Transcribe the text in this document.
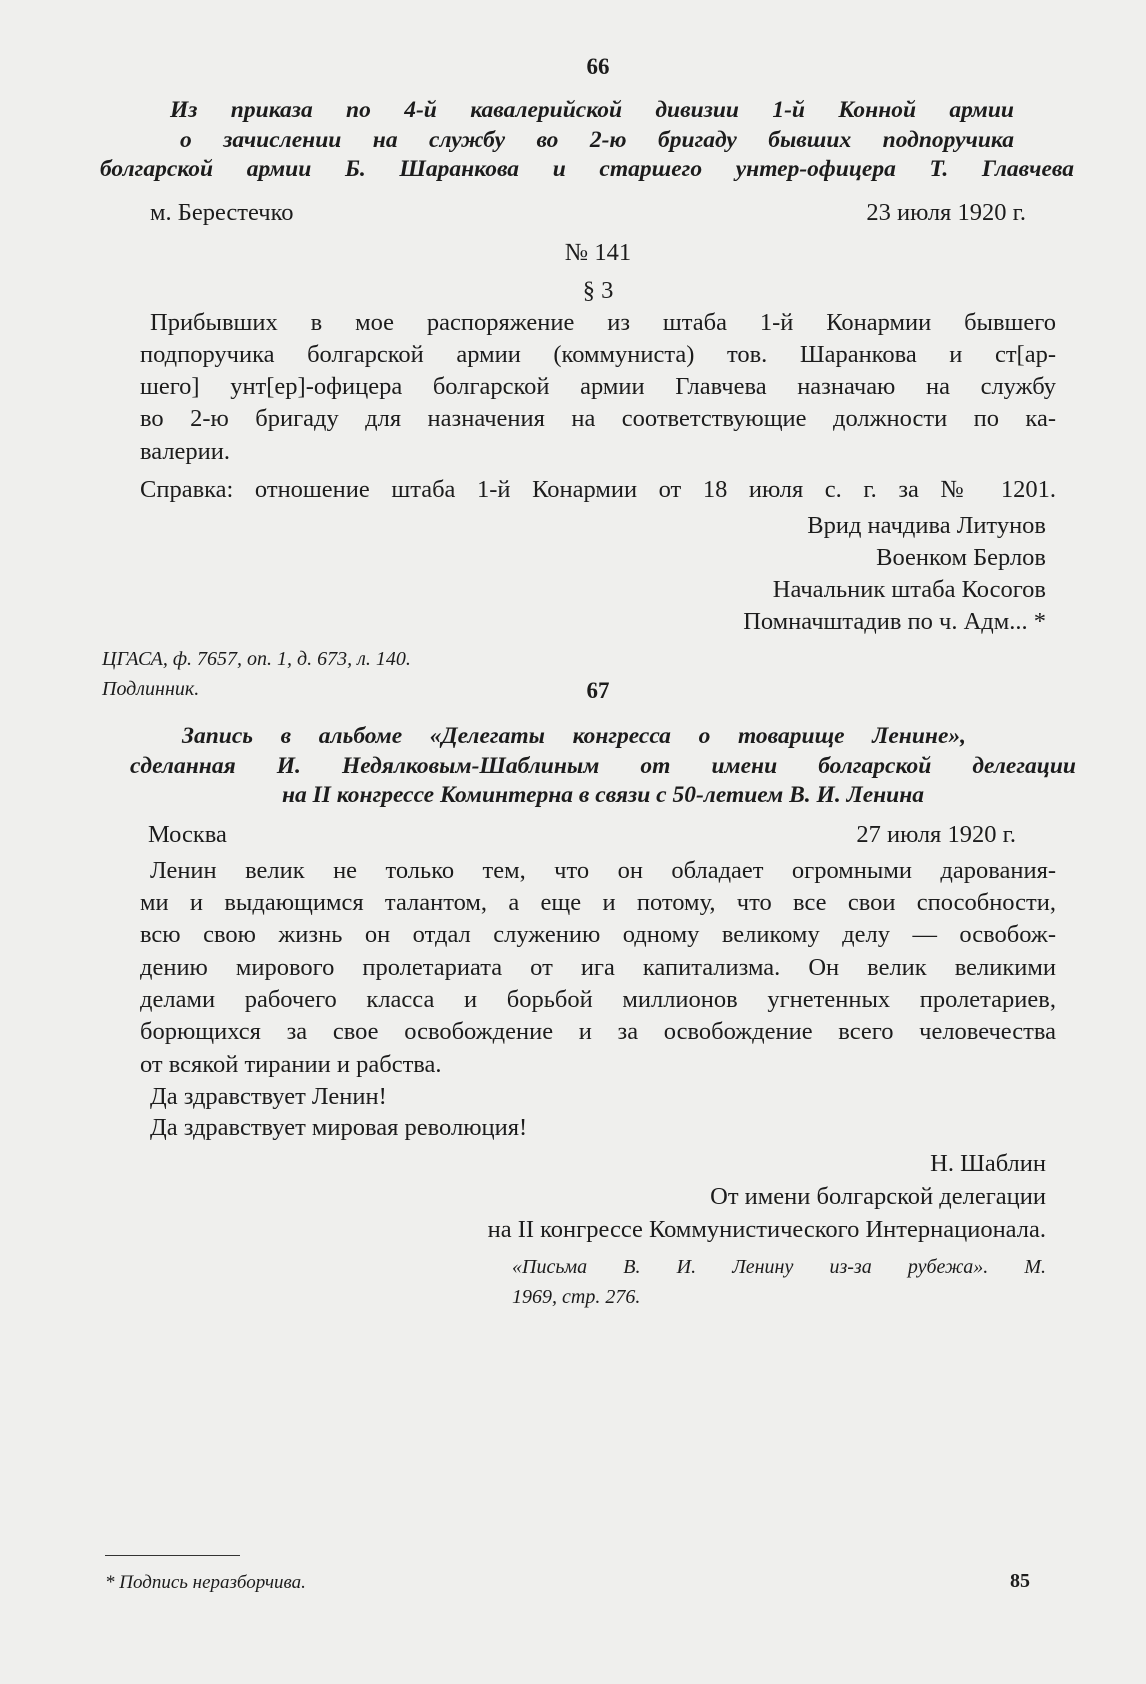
66
Из приказа по 4-й кавалерийской дивизии 1-й Конной армии
о зачислении на службу во 2-ю бригаду бывших подпоручика
болгарской армии Б. Шаранкова и старшего унтер-офицера Т. Главчева
м. Берестечко	23 июля 1920 г.
№ 141
§ 3
Прибывших в мое распоряжение из штаба 1-й Конармии бывшего
подпоручика болгарской армии (коммуниста) тов. Шаранкова и ст[ар-
шего] унт[ер]-офицера болгарской армии Главчева назначаю на службу
во 2-ю бригаду для назначения на соответствующие должности по ка-
валерии.
Справка: отношение штаба 1-й Конармии от 18 июля с. г. за № 1201.
Врид начдива Литунов
Военком Берлов
Начальник штаба Косогов
Помначштадив по ч. Адм... *
ЦГАСА, ф. 7657, оп. 1, д. 673, л. 140.
Подлинник.	67
Запись в альбоме «Делегаты конгресса о товарище Ленине»,
сделанная И. Недялковым-Шаблиным от имени болгарской делегации
на II конгрессе Коминтерна в связи с 50-летием В. И. Ленина
Москва	27 июля 1920 г.
Ленин велик не только тем, что он обладает огромными дарования-
ми и выдающимся талантом, а еще и потому, что все свои способности,
всю свою жизнь он отдал служению одному великому делу — освобож-
дению мирового пролетариата от ига капитализма. Он велик великими
делами рабочего класса и борьбой миллионов угнетенных пролетариев,
борющихся за свое освобождение и за освобождение всего человечества
от всякой тирании и рабства.
Да здравствует Ленин!
Да здравствует мировая революция!
Н. Шаблин
От имени болгарской делегации
на II конгрессе Коммунистического Интернационала.
«Письма В. И. Ленину из-за рубежа». М.
1969, стр. 276.
* Подпись неразборчива.	85
